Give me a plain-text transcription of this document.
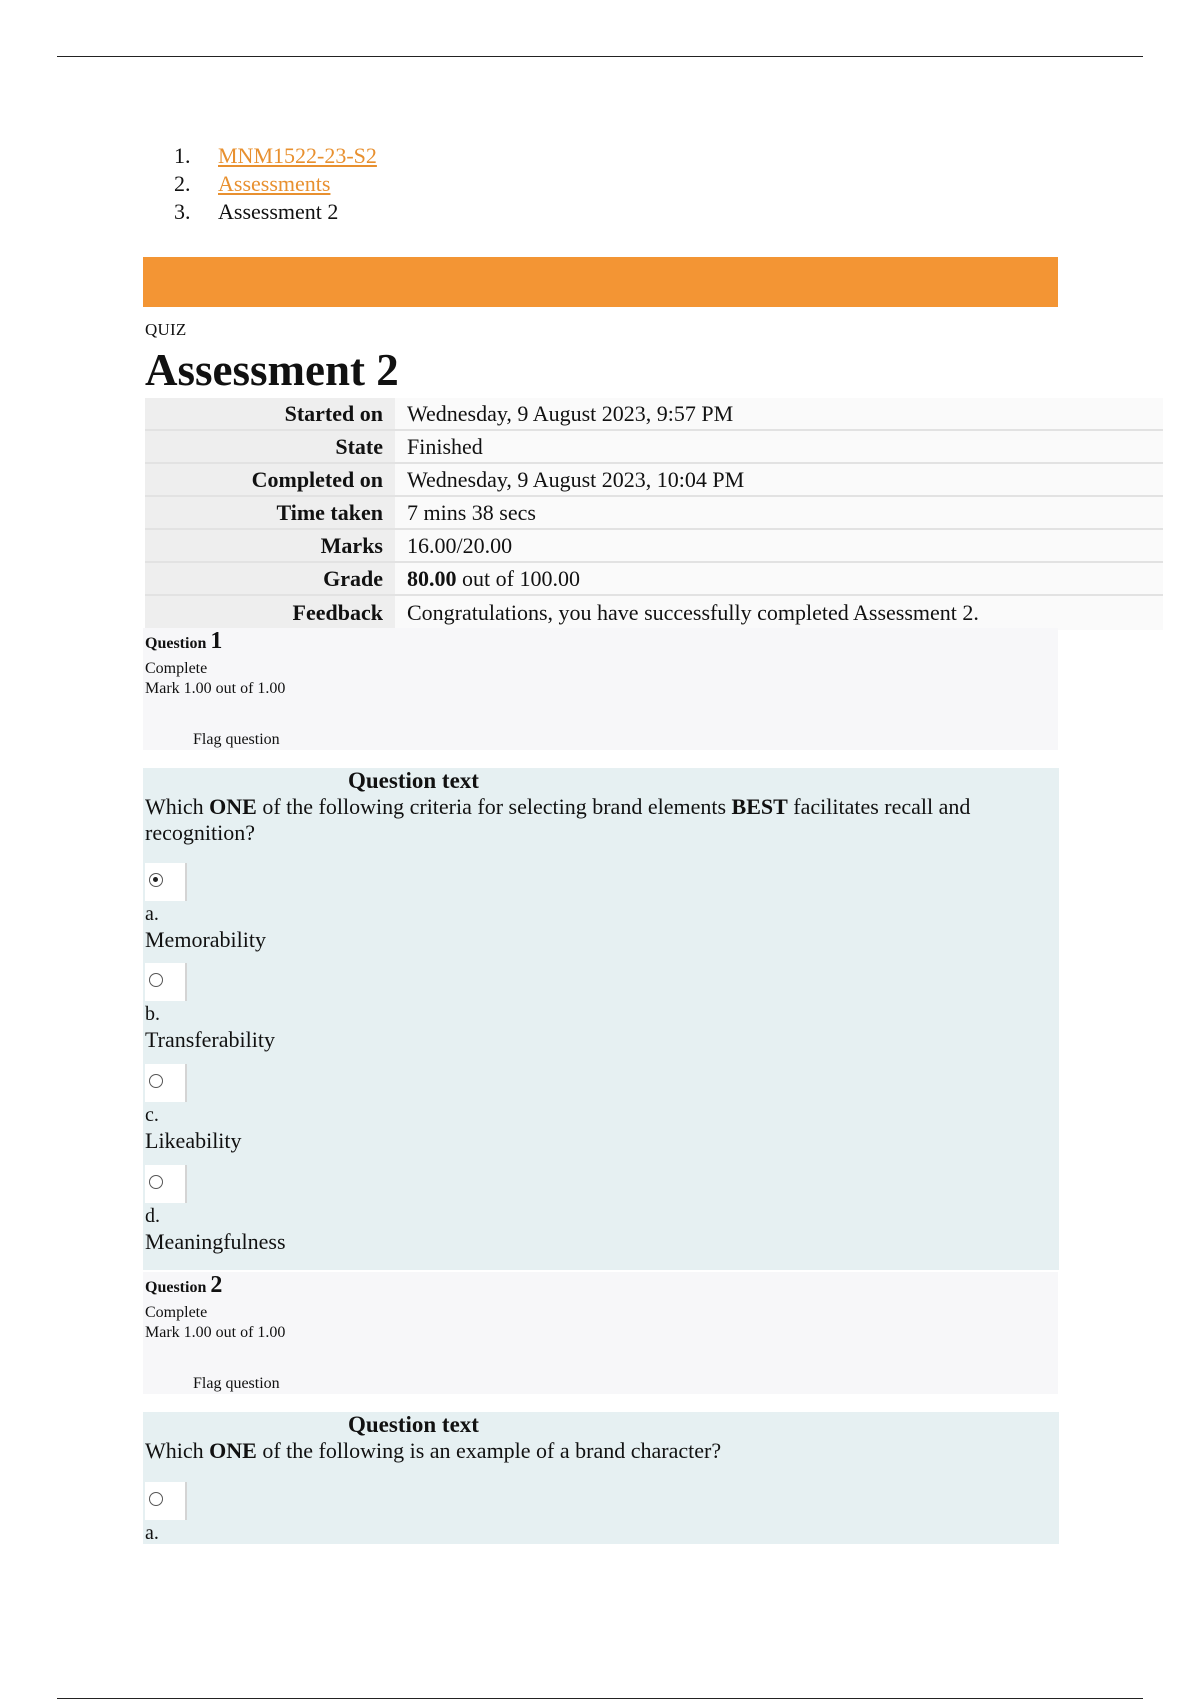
1.	MNM1522-23-S2
2.	Assessments
3.	Assessment 2
QUIZ
Assessment 2
Started on	Wednesday, 9 August 2023, 9:57 PM
State	Finished
Completed on	Wednesday, 9 August 2023, 10:04 PM
Time taken	7 mins 38 secs
Marks	16.00/20.00
Grade	80.00 out of 100.00
Feedback	Congratulations, you have successfully completed Assessment 2.
Question 1
Complete
Mark 1.00 out of 1.00
Flag question
Question text
Which ONE of the following criteria for selecting brand elements BEST facilitates recall and recognition?
a.
Memorability
b.
Transferability
c.
Likeability
d.
Meaningfulness
Question 2
Complete
Mark 1.00 out of 1.00
Flag question
Question text
Which ONE of the following is an example of a brand character?
a.
